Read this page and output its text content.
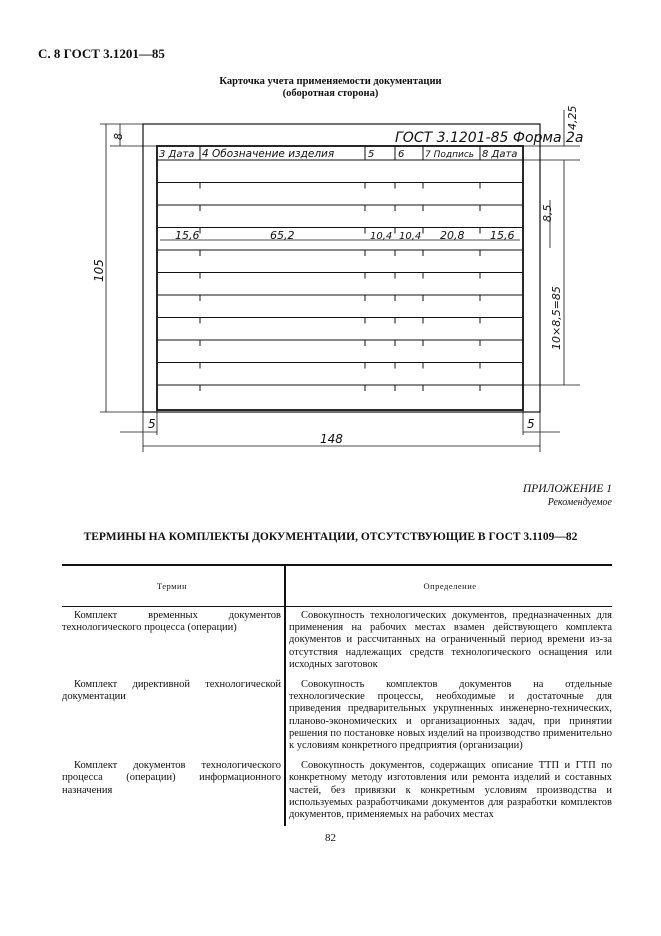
С. 8 ГОСТ 3.1201—85
Карточка учета применяемости документации
(оборотная сторона)
15,6	65,2	10,4 10,4 20,8 15,6
ГОСТ 3.1201-85 Форма 2а
3 Дата 4 Обозначение изделия	5 6 7 Подпись 8 Дата
8
4,25
8,5
10×8,5=85
105
5	5
148
ПРИЛОЖЕНИЕ 1
Рекомендуемое
ТЕРМИНЫ НА КОМПЛЕКТЫ ДОКУМЕНТАЦИИ, ОТСУТСТВУЮЩИЕ В ГОСТ 3.1109—82
Термин	Определение

Комплект временных документов технологического процесса (операции)	Совокупность технологических документов, предназначенных для применения на рабочих местах взамен действующего комплекта документов и рассчитанных на ограниченный период времени из-за отсутствия надлежащих средств технологического оснащения или исходных заготовок

Комплект директивной технологической документации	Совокупность комплектов документов на отдельные технологические процессы, необходимые и достаточные для приведения предварительных укрупненных инженерно-технических, планово-экономических и организационных задач, при принятии решения по постановке новых изделий на производство применительно к условиям конкретного предприятия (организации)

Комплект документов технологического процесса (операции) информационного назначения	Совокупность документов, содержащих описание ТТП и ГТП по конкретному методу изготовления или ремонта изделий и составных частей, без привязки к конкретным условиям производства и используемых разработчиками документов для разработки комплектов документов, применяемых на рабочих местах

82
